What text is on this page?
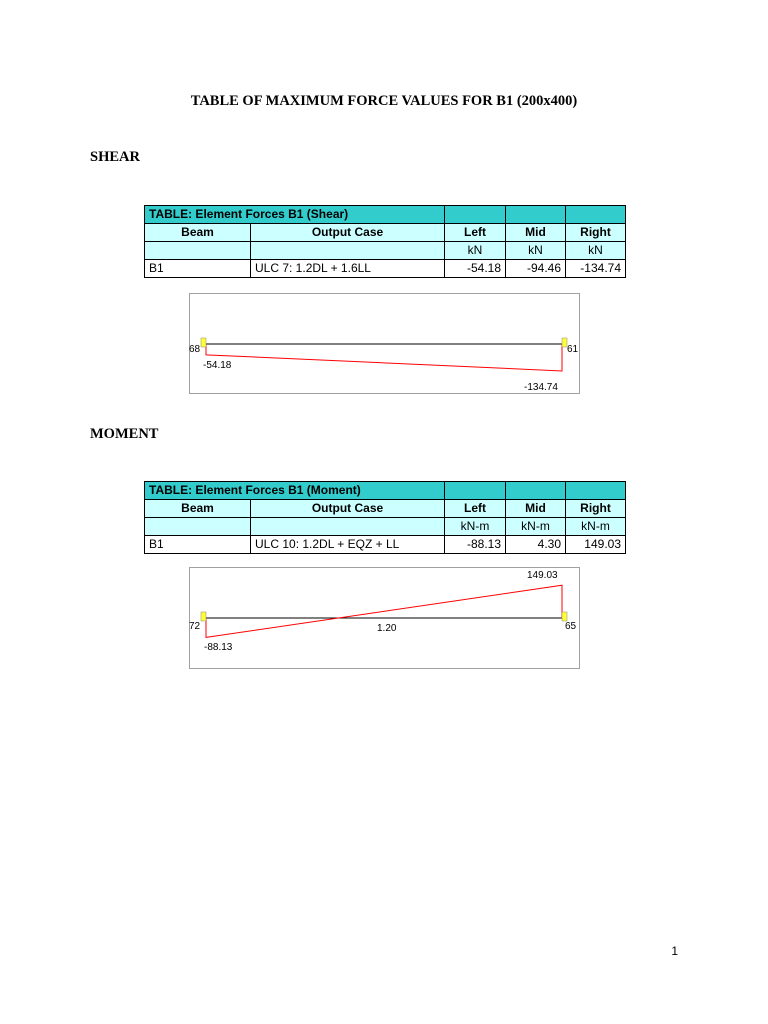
TABLE OF MAXIMUM FORCE VALUES FOR B1 (200x400)
SHEAR
TABLE: Element Forces B1 (Shear)				
Beam	Output Case	Left	Mid	Right
		kN	kN	kN
B1	ULC 7: 1.2DL + 1.6LL	-54.18	-94.46	-134.74
68	61
-54.18
-134.74
MOMENT
TABLE: Element Forces B1 (Moment)				
Beam	Output Case	Left	Mid	Right
		kN-m	kN-m	kN-m
B1	ULC 10: 1.2DL + EQZ + LL	-88.13	4.30	149.03
72	65
-88.13
1.20
149.03
1
